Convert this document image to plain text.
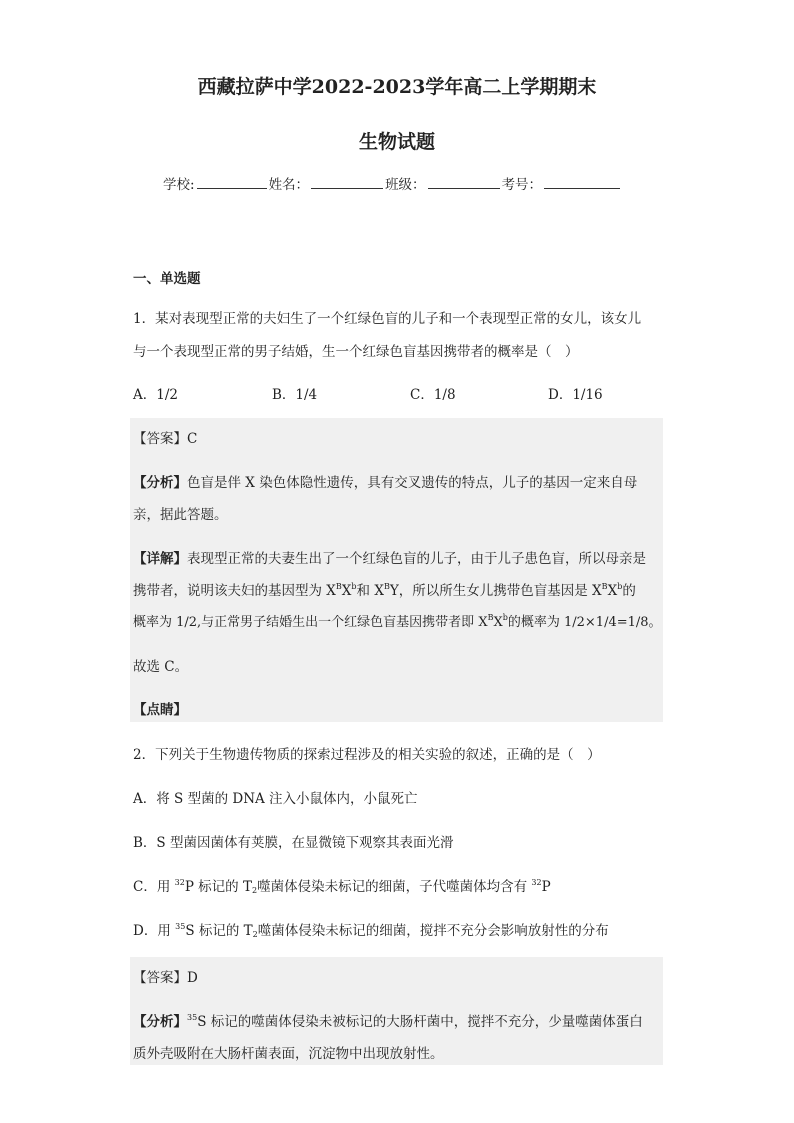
西藏拉萨中学2022-2023学年高二上学期期末
生物试题
学校:	姓名：	班级：	考号：
一、单选题
1．某对表现型正常的夫妇生了一个红绿色盲的儿子和一个表现型正常的女儿，该女儿
与一个表现型正常的男子结婚，生一个红绿色盲基因携带者的概率是（　）
A．1/2	B．1/4	C．1/8	D．1/16
【答案】C
【分析】色盲是伴 X 染色体隐性遗传，具有交叉遗传的特点，儿子的基因一定来自母
亲，据此答题。
【详解】表现型正常的夫妻生出了一个红绿色盲的儿子，由于儿子患色盲，所以母亲是
携带者，说明该夫妇的基因型为 $X^BX^b$和 $X^BY$，所以所生女儿携带色盲基因是 $X^BX^b$的
概率为 1/2,与正常男子结婚生出一个红绿色盲基因携带者即 $X^BX^b$的概率为 1/2×1/4=1/8。
故选 C。
【点睛】
2．下列关于生物遗传物质的探索过程涉及的相关实验的叙述，正确的是（　）
A．将 S 型菌的 DNA 注入小鼠体内，小鼠死亡
B．S 型菌因菌体有荚膜，在显微镜下观察其表面光滑
C．用 $^{32}$P 标记的 $T_2$噬菌体侵染未标记的细菌，子代噬菌体均含有 $^{32}$P
D．用 $^{35}$S 标记的 $T_2$噬菌体侵染未标记的细菌，搅拌不充分会影响放射性的分布
【答案】D
【分析】$^{35}$S 标记的噬菌体侵染未被标记的大肠杆菌中，搅拌不充分，少量噬菌体蛋白
质外壳吸附在大肠杆菌表面，沉淀物中出现放射性。
